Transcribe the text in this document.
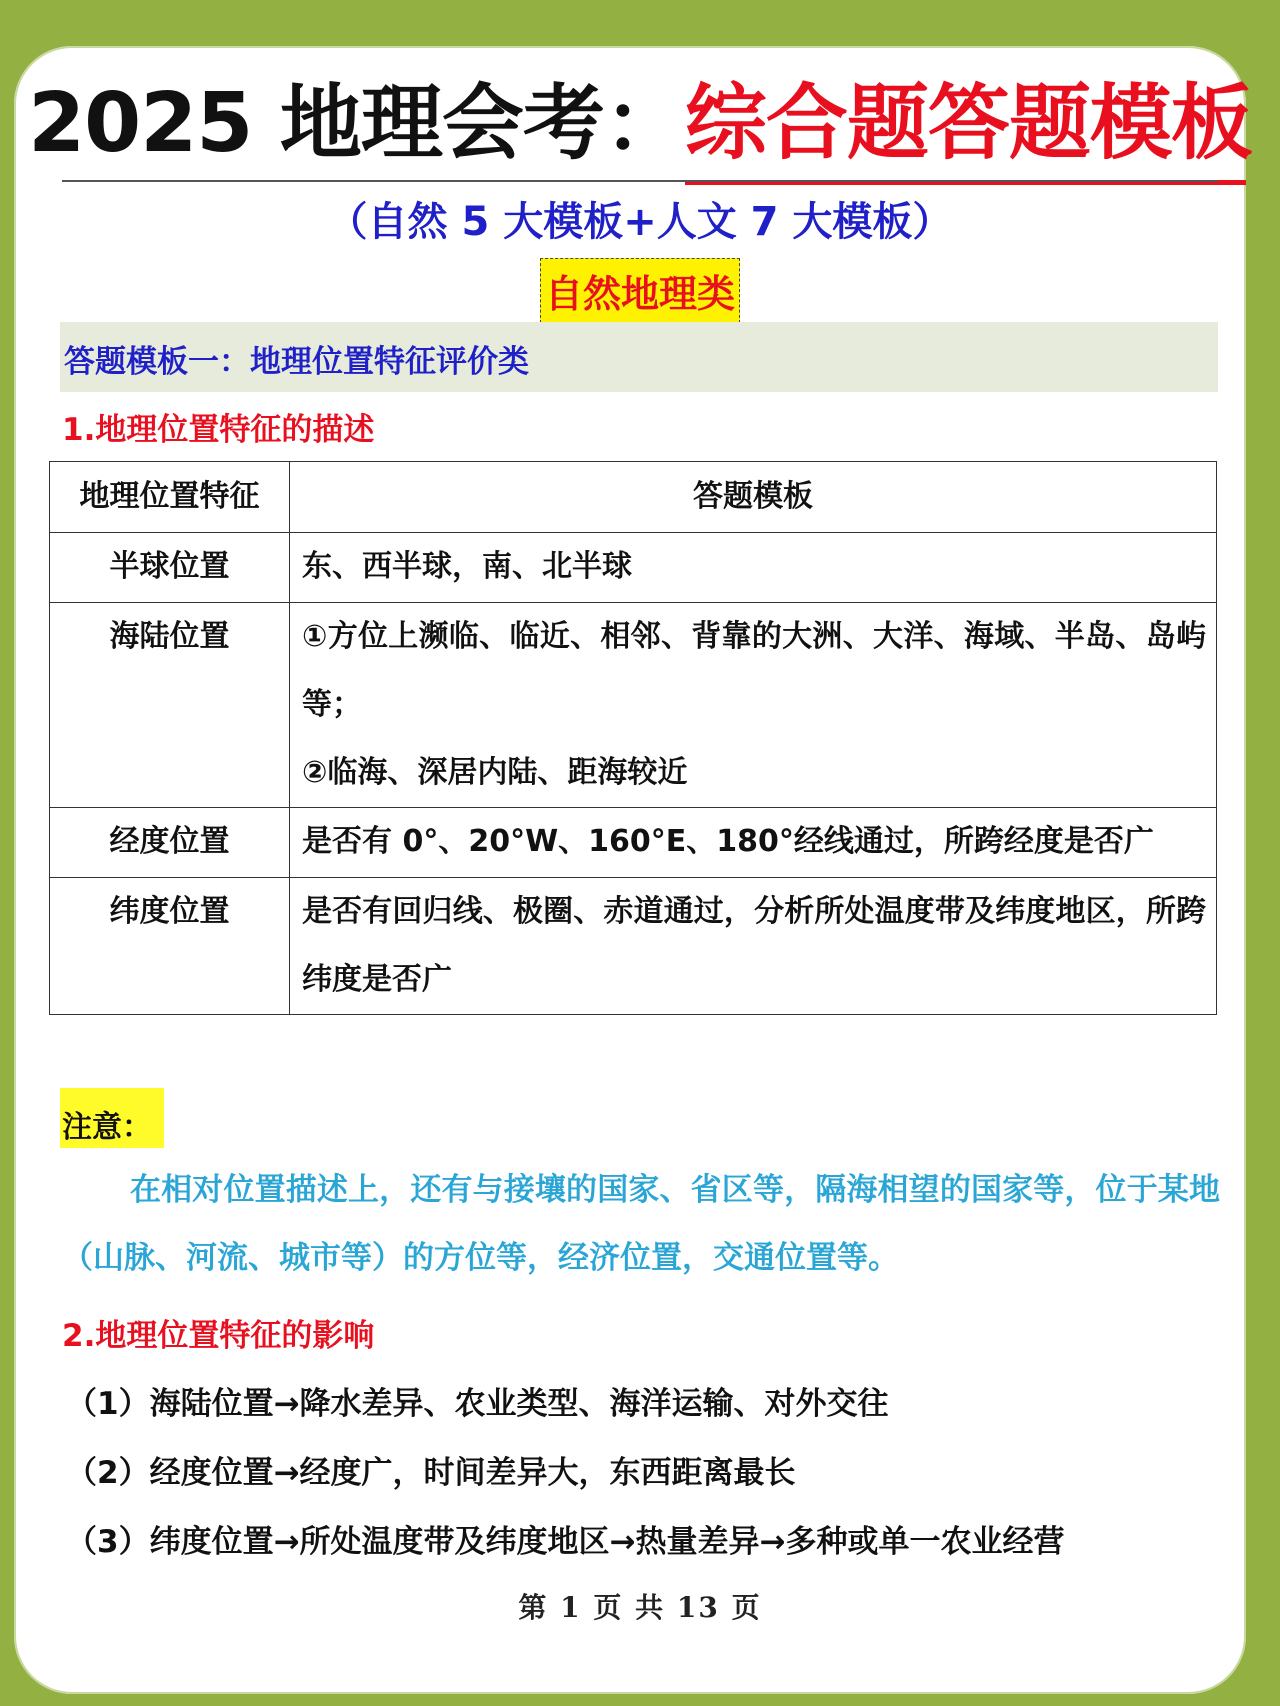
2025 地理会考：综合题答题模板
（自然 5 大模板+人文 7 大模板）
自然地理类
答题模板一：地理位置特征评价类
1.地理位置特征的描述
地理位置特征	答题模板
半球位置	东、西半球，南、北半球
海陆位置	①方位上濒临、临近、相邻、背靠的大洲、大洋、海域、半岛、岛屿等；
②临海、深居内陆、距海较近

经度位置	是否有 0°、20°W、160°E、180°经线通过，所跨经度是否广
纬度位置	是否有回归线、极圈、赤道通过，分析所处温度带及纬度地区，所跨纬度是否广
注意：
在相对位置描述上，还有与接壤的国家、省区等，隔海相望的国家等，位于某地（山脉、河流、城市等）的方位等，经济位置，交通位置等。
2.地理位置特征的影响
（1）海陆位置→降水差异、农业类型、海洋运输、对外交往
（2）经度位置→经度广，时间差异大，东西距离最长
（3）纬度位置→所处温度带及纬度地区→热量差异→多种或单一农业经营
第 1 页 共 13 页
